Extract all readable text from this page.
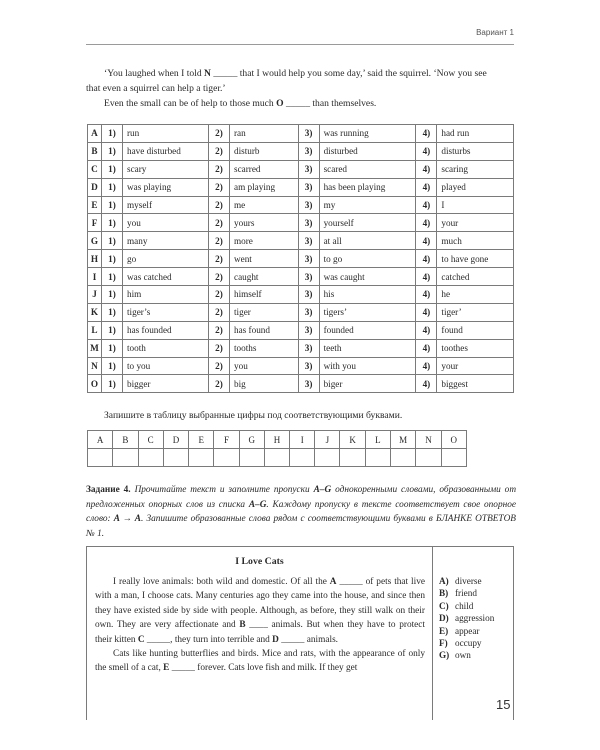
Вариант 1

‘You laughed when I told N _____ that I would help you some day,’ said the squirrel. ‘Now you see

that even a squirrel can help a tiger.’

Even the small can be of help to those much O _____ than themselves.

A	1)	run	2)	ran	3)	was running	4)	had run
B	1)	have disturbed	2)	disturb	3)	disturbed	4)	disturbs
C	1)	scary	2)	scarred	3)	scared	4)	scaring
D	1)	was playing	2)	am playing	3)	has been playing	4)	played
E	1)	myself	2)	me	3)	my	4)	I
F	1)	you	2)	yours	3)	yourself	4)	your
G	1)	many	2)	more	3)	at all	4)	much
H	1)	go	2)	went	3)	to go	4)	to have gone
I	1)	was catched	2)	caught	3)	was caught	4)	catched
J	1)	him	2)	himself	3)	his	4)	he
K	1)	tiger’s	2)	tiger	3)	tigers’	4)	tiger’
L	1)	has founded	2)	has found	3)	founded	4)	found
M	1)	tooth	2)	tooths	3)	teeth	4)	toothes
N	1)	to you	2)	you	3)	with you	4)	your
O	1)	bigger	2)	big	3)	biger	4)	biggest
Запишите в таблицу выбранные цифры под соответствующими буквами.
A	B	C	D	E	F	G	H	I	J	K	L	M	N	O

Задание 4. Прочитайте текст и заполните пропуски A–G однокоренными словами, образованными от предложенных опорных слов из списка A–G. Каждому пропуску в тексте соответствует свое опорное слово: A → A. Запишите образованные слова рядом с соответствующими буквами в БЛАНКЕ ОТВЕТОВ № 1.
I Love Cats

I really love animals: both wild and domestic. Of all the A _____ of pets that live with a man, I choose cats. Many centuries ago they came into the house, and since then they have existed side by side with people. Although, as before, they still walk on their own. They are very affectionate and B ____ animals. But when they have to protect their kitten C _____, they turn into terrible and D _____ animals.

Cats like hunting butterflies and birds. Mice and rats, with the appearance of only the smell of a cat, E _____ forever. Cats love fish and milk. If they get

A) diverse
B) friend
C) child
D) aggression
E) appear
F) occupy
G) own
15
